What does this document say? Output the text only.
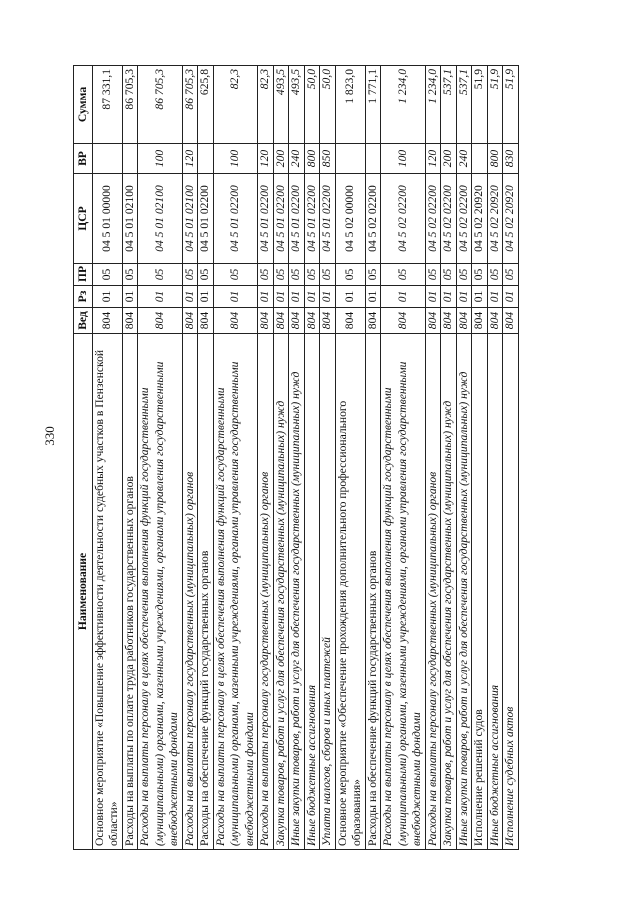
330
Наименование	Вед	Рз	ПР	ЦСР	ВР	Сумма
Основное мероприятие «Повышение эффективности деятельности судебных участков в Пензенской области»	804	01	05	04 5 01 00000		87 331,1
Расходы на выплаты по оплате труда работников государственных органов	804	01	05	04 5 01 02100		86 705,3
Расходы на выплаты персоналу в целях обеспечения выполнения функций государственными (муниципальными) органами, казенными учреждениями, органами управления государственными внебюджетными фондами	804	01	05	04 5 01 02100	100	86 705,3
Расходы на выплаты персоналу государственных (муниципальных) органов	804	01	05	04 5 01 02100	120	86 705,3
Расходы на обеспечение функций государственных органов	804	01	05	04 5 01 02200		625,8
Расходы на выплаты персоналу в целях обеспечения выполнения функций государственными (муниципальными) органами, казенными учреждениями, органами управления государственными внебюджетными фондами	804	01	05	04 5 01 02200	100	82,3
Расходы на выплаты персоналу государственных (муниципальных) органов	804	01	05	04 5 01 02200	120	82,3
Закупка товаров, работ и услуг для обеспечения государственных (муниципальных) нужд	804	01	05	04 5 01 02200	200	493,5
Иные закупки товаров, работ и услуг для обеспечения государственных (муниципальных) нужд	804	01	05	04 5 01 02200	240	493,5
Иные бюджетные ассигнования	804	01	05	04 5 01 02200	800	50,0
Уплата налогов, сборов и иных платежей	804	01	05	04 5 01 02200	850	50,0
Основное мероприятие «Обеспечение прохождения дополнительного профессионального образования»	804	01	05	04 5 02 00000		1 823,0
Расходы на обеспечение функций государственных органов	804	01	05	04 5 02 02200		1 771,1
Расходы на выплаты персоналу в целях обеспечения выполнения функций государственными (муниципальными) органами, казенными учреждениями, органами управления государственными внебюджетными фондами	804	01	05	04 5 02 02200	100	1 234,0
Расходы на выплаты персоналу государственных (муниципальных) органов	804	01	05	04 5 02 02200	120	1 234,0
Закупка товаров, работ и услуг для обеспечения государственных (муниципальных) нужд	804	01	05	04 5 02 02200	200	537,1
Иные закупки товаров, работ и услуг для обеспечения государственных (муниципальных) нужд	804	01	05	04 5 02 02200	240	537,1
Исполнение решений судов	804	01	05	04 5 02 20920		51,9
Иные бюджетные ассигнования	804	01	05	04 5 02 20920	800	51,9
Исполнение судебных актов	804	01	05	04 5 02 20920	830	51,9
